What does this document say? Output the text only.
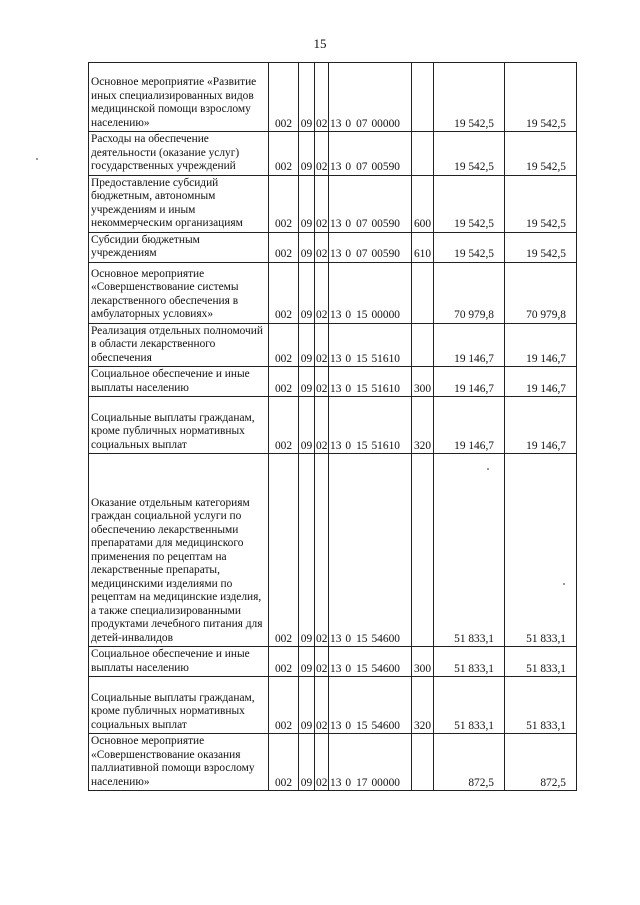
15
Основное мероприятие «Развитие иных специализированных видов медицинской помощи взрослому населению»	002	09	02	13 0 07 00000		19 542,5	19 542,5
Расходы на обеспечение деятельности (оказание услуг) государственных учреждений	002	09	02	13 0 07 00590		19 542,5	19 542,5
Предоставление субсидий бюджетным, автономным учреждениям и иным некоммерческим организациям	002	09	02	13 0 07 00590	600	19 542,5	19 542,5
Субсидии бюджетным учреждениям	002	09	02	13 0 07 00590	610	19 542,5	19 542,5
Основное мероприятие «Совершенствование системы лекарственного обеспечения в амбулаторных условиях»	002	09	02	13 0 15 00000		70 979,8	70 979,8
Реализация отдельных полномочий в области лекарственного обеспечения	002	09	02	13 0 15 51610		19 146,7	19 146,7
Социальное обеспечение и иные выплаты населению	002	09	02	13 0 15 51610	300	19 146,7	19 146,7
Социальные выплаты гражданам, кроме публичных нормативных социальных выплат	002	09	02	13 0 15 51610	320	19 146,7	19 146,7
Оказание отдельным категориям граждан социальной услуги по обеспечению лекарственными препаратами для медицинского применения по рецептам на лекарственные препараты, медицинскими изделиями по рецептам на медицинские изделия, а также специализированными продуктами лечебного питания для детей-инвалидов	002	09	02	13 0 15 54600		51 833,1	51 833,1
Социальное обеспечение и иные выплаты населению	002	09	02	13 0 15 54600	300	51 833,1	51 833,1
Социальные выплаты гражданам, кроме публичных нормативных социальных выплат	002	09	02	13 0 15 54600	320	51 833,1	51 833,1
Основное мероприятие «Совершенствование оказания паллиативной помощи взрослому населению»	002	09	02	13 0 17 00000		872,5	872,5
